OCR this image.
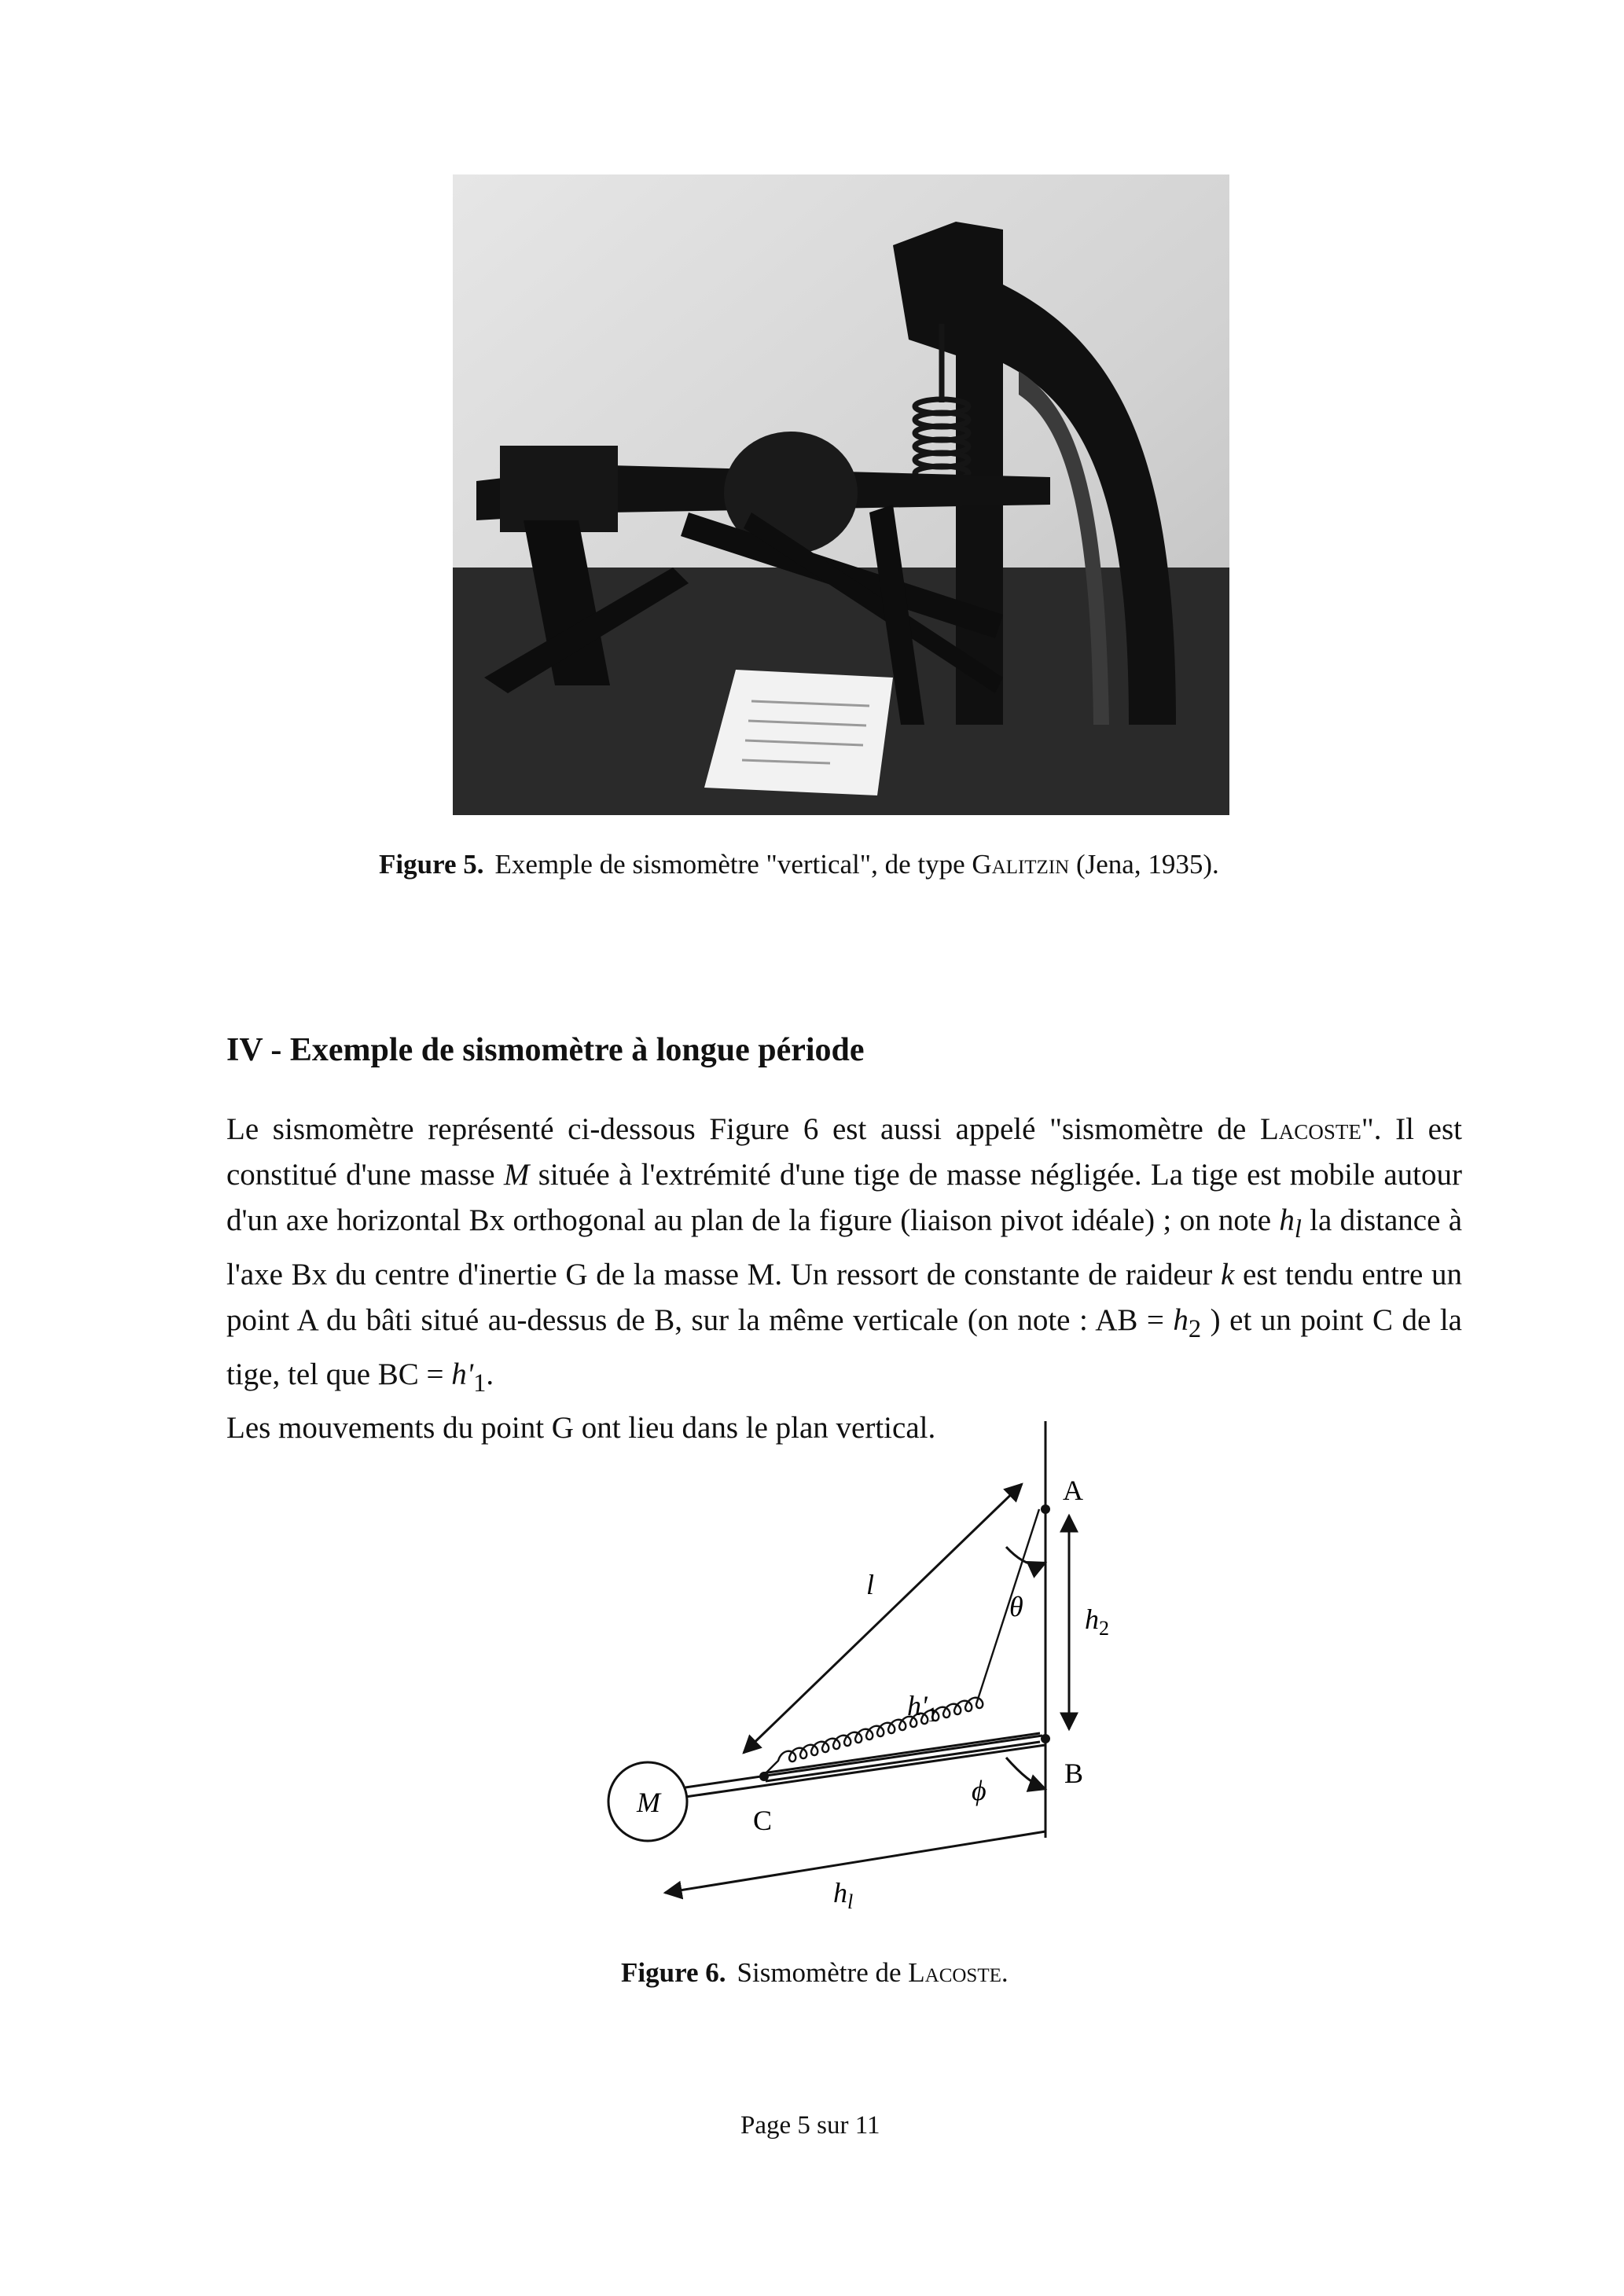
Figure 5. Exemple de sismomètre "vertical", de type Galitzin (Jena, 1935).
IV - Exemple de sismomètre à longue période

Le sismomètre représenté ci-dessous Figure 6 est aussi appelé "sismomètre de Lacoste". Il est constitué d'une masse M située à l'extrémité d'une tige de masse négligée. La tige est mobile autour d'un axe horizontal Bx orthogonal au plan de la figure (liaison pivot idéale) ; on note $h_l$ la distance à l'axe Bx du centre d'inertie G de la masse M. Un ressort de constante de raideur k est tendu entre un point A du bâti situé au-dessus de B, sur la même verticale (on note : AB = $h_2$ ) et un point C de la tige, tel que BC = $h'_1$.

Les mouvements du point G ont lieu dans le plan vertical.

A
B
C
M
l
θ
ϕ
$h_2$
$h'_1$
$h_l$
Figure 6. Sismomètre de Lacoste.
Page 5 sur 11
